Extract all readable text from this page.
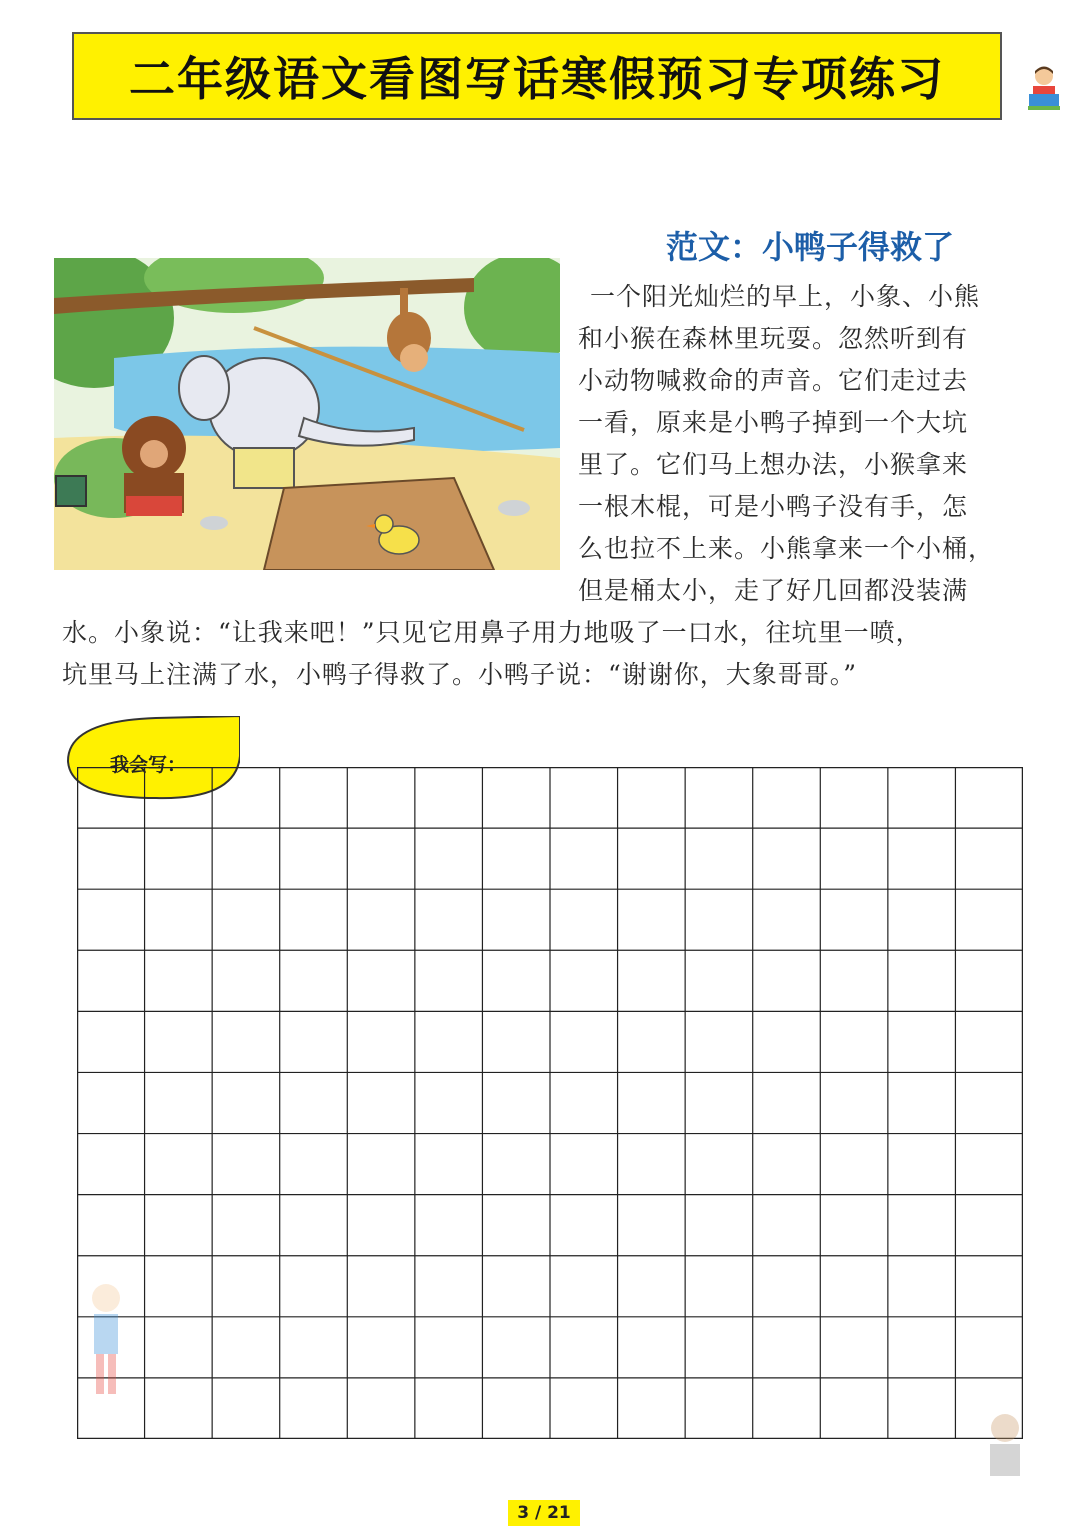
二年级语文看图写话寒假预习专项练习
范文：小鸭子得救了
一个阳光灿烂的早上，小象、小熊
和小猴在森林里玩耍。忽然听到有
小动物喊救命的声音。它们走过去
一看，原来是小鸭子掉到一个大坑
里了。它们马上想办法，小猴拿来
一根木棍，可是小鸭子没有手，怎
么也拉不上来。小熊拿来一个小桶，
但是桶太小，走了好几回都没装满
水。小象说：“让我来吧！”只见它用鼻子用力地吸了一口水，往坑里一喷，
坑里马上注满了水，小鸭子得救了。小鸭子说：“谢谢你，大象哥哥。”
我会写：
3 / 21
